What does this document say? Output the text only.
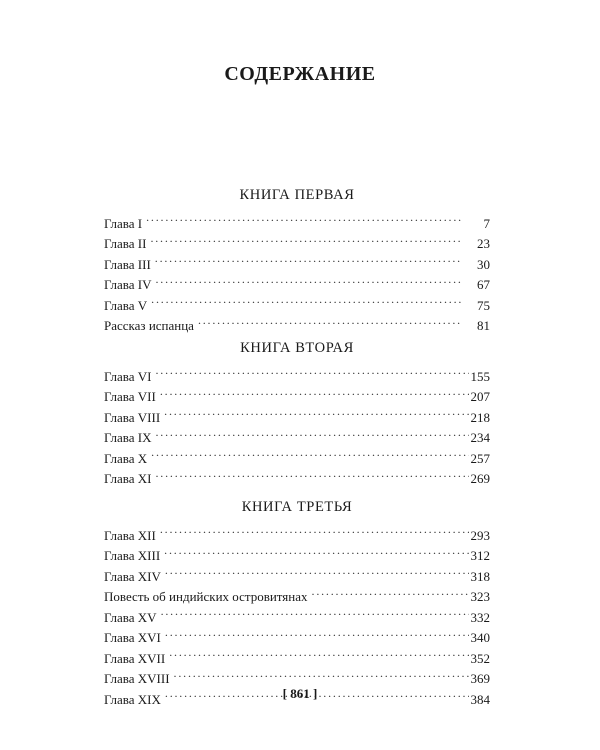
СОДЕРЖАНИЕ
КНИГА ПЕРВАЯ
Глава I . . .	7
Глава II . . .	23
Глава III . . .	30
Глава IV . . .	67
Глава V . . .	75
Рассказ испанца . . .	81
КНИГА ВТОРАЯ
Глава VI . . .	155
Глава VII . . .	207
Глава VIII . . .	218
Глава IX . . .	234
Глава X . . .	257
Глава XI . . .	269
КНИГА ТРЕТЬЯ
Глава XII . . .	293
Глава XIII . . .	312
Глава XIV . . .	318
Повесть об индийских островитянах . . .	323
Глава XV . . .	332
Глава XVI . . .	340
Глава XVII . . .	352
Глава XVIII . . .	369
Глава XIX . . .	384
[ 861 ]
